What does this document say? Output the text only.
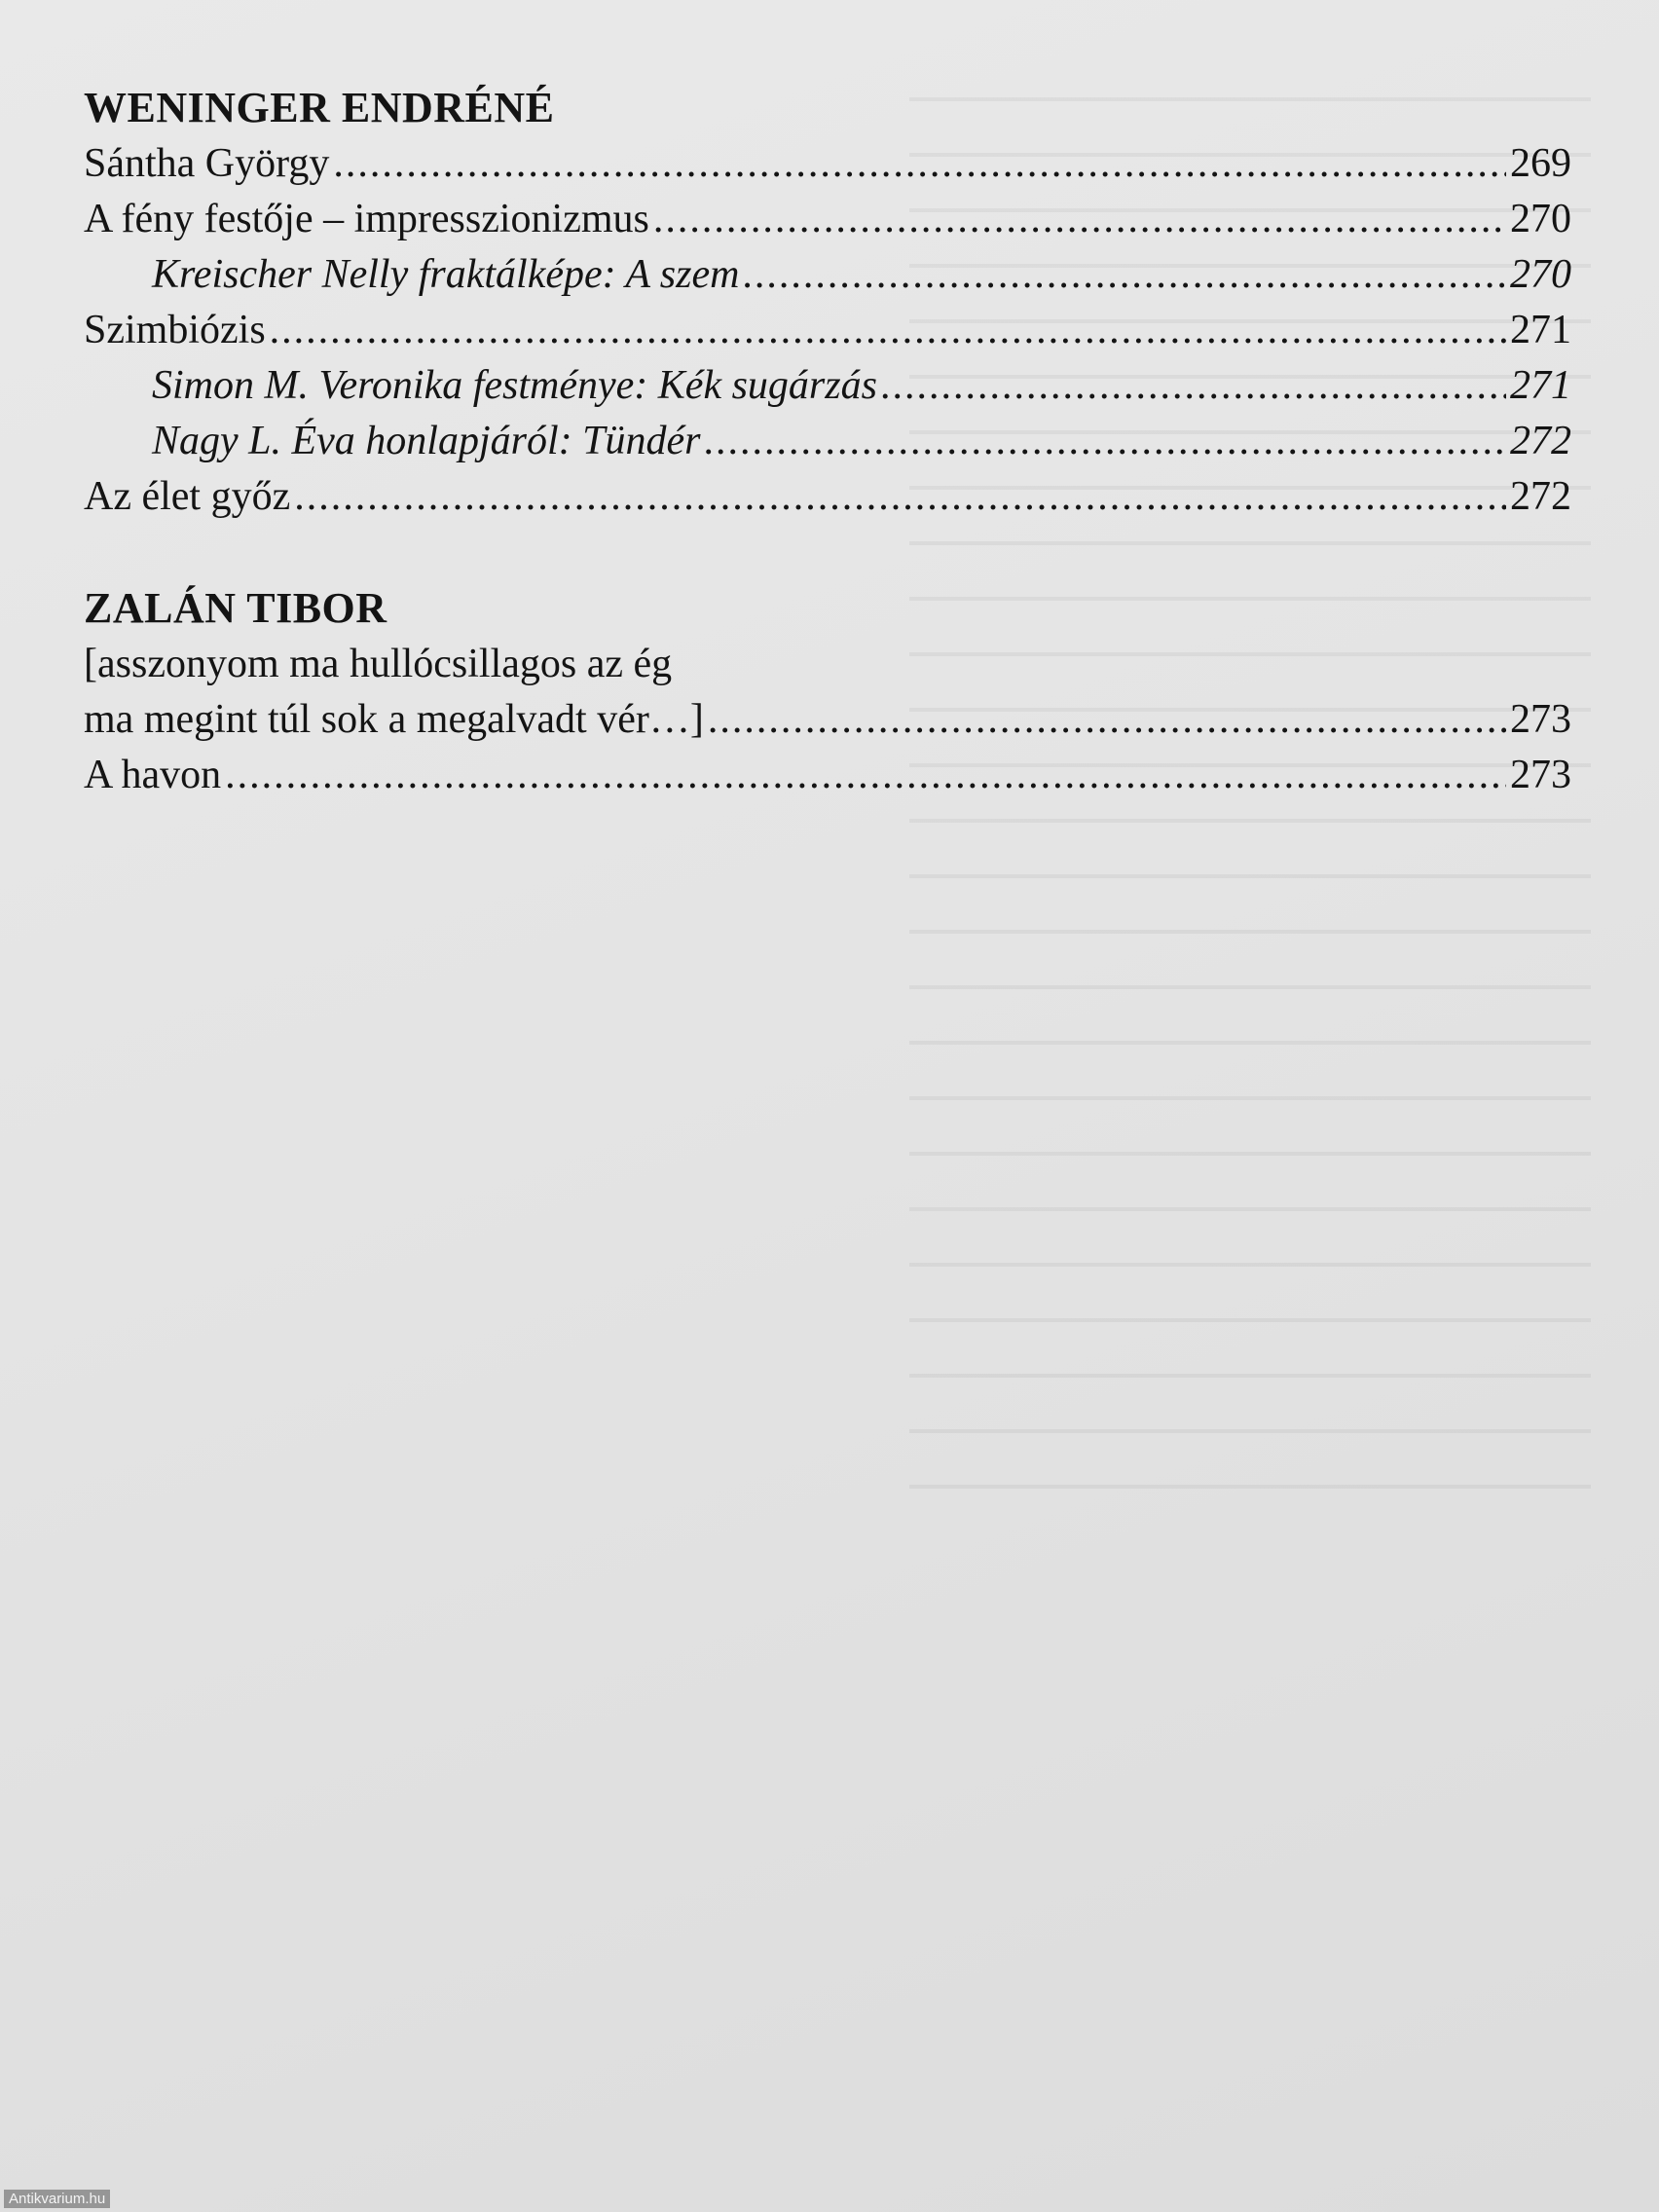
WENINGER ENDRÉNÉ
Sántha György .....	269
A fény festője – impresszionizmus .....	270
Kreischer Nelly fraktálképe: A szem .....	270
Szimbiózis .....	271
Simon M. Veronika festménye: Kék sugárzás .....	271
Nagy L. Éva honlapjáról: Tündér .....	272
Az élet győz .....	272
ZALÁN TIBOR
[asszonyom ma hullócsillagos az ég
ma megint túl sok a megalvadt vér…] .....	273
A havon .....	273
Antikvarium.hu
